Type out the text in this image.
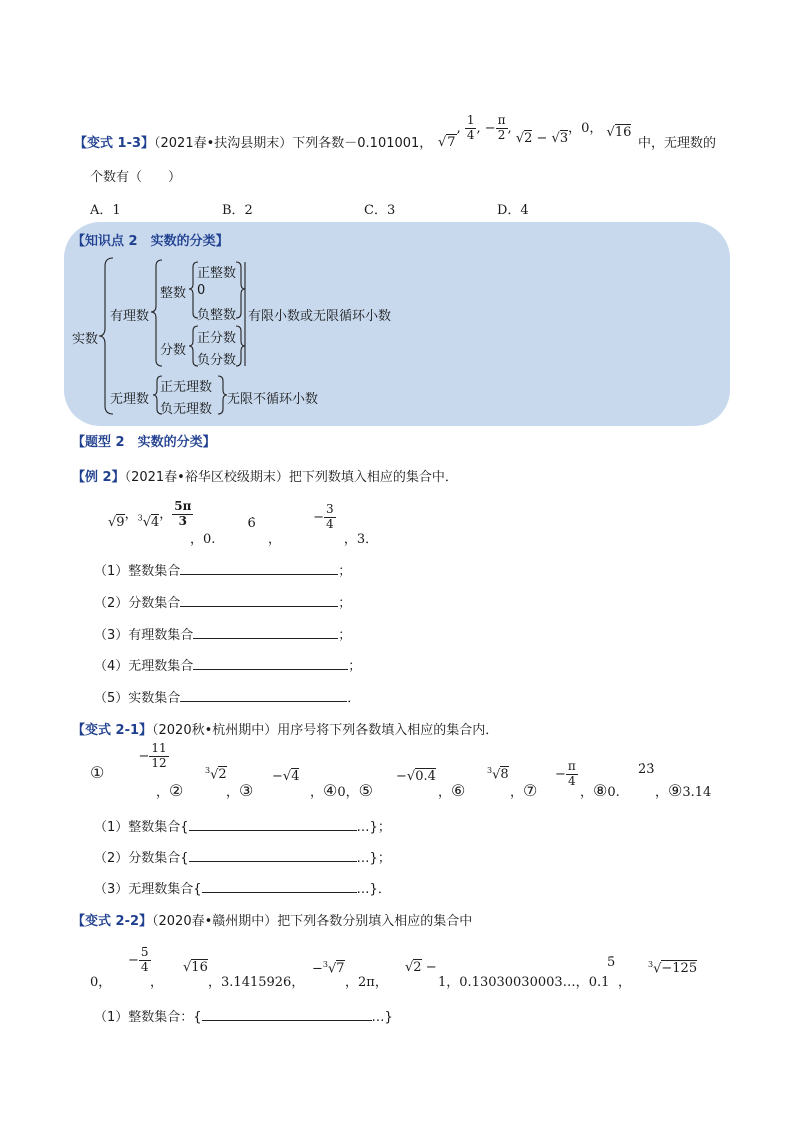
【变式 1-3】（2021春•扶沟县期末）下列各数－0.101001， √7, $\frac{1}{4}$ , − $\frac{\pi}{2}$ , √2 − √3，0， √16
中，无理数的
个数有（　　）
A．1	B．2	C．3	D．4
【知识点 2　实数的分类】
实数
有理数
整数
正整数
0
负整数 有限小数或无限循环小数
分数
正分数
负分数
无理数
正无理数
负无理数
无限不循环小数
【题型 2　实数的分类】
【例 2】（2021春•裕华区校级期末）把下列数填入相应的集合中．
√9，$^3$√4， $\frac{5\pi}{3}$
，0. 6̇ ， − $\frac{3}{4}$
，3．
（1）整数集合	；
（2）分数集合	；
（3）有理数集合	；
（4）无理数集合	；
（5）实数集合	．
【变式 2-1】（2020秋•杭州期中）用序号将下列各数填入相应的集合内．
① − $\frac{11}{12}$
，②
$^3$√2
，③
−√4
，④0，⑤
−√0.4
，⑥
$^3$√8
，⑦
− $\frac{\pi}{4}$
，⑧0.
2̇3̇
，⑨3.14
（1）整数集合{	…}；
（2）分数集合{	…}；
（3）无理数集合{	…}．
【变式 2-2】（2020春•赣州期中）把下列各数分别填入相应的集合中
0，
− $\frac{5}{4}$
，
√16
，3.1415926，
−$^3$√7
，2π，
√2 −
1，0.13030030003…，0.1
5̇
，
$^3$√−125
（1）整数集合：{	…}
